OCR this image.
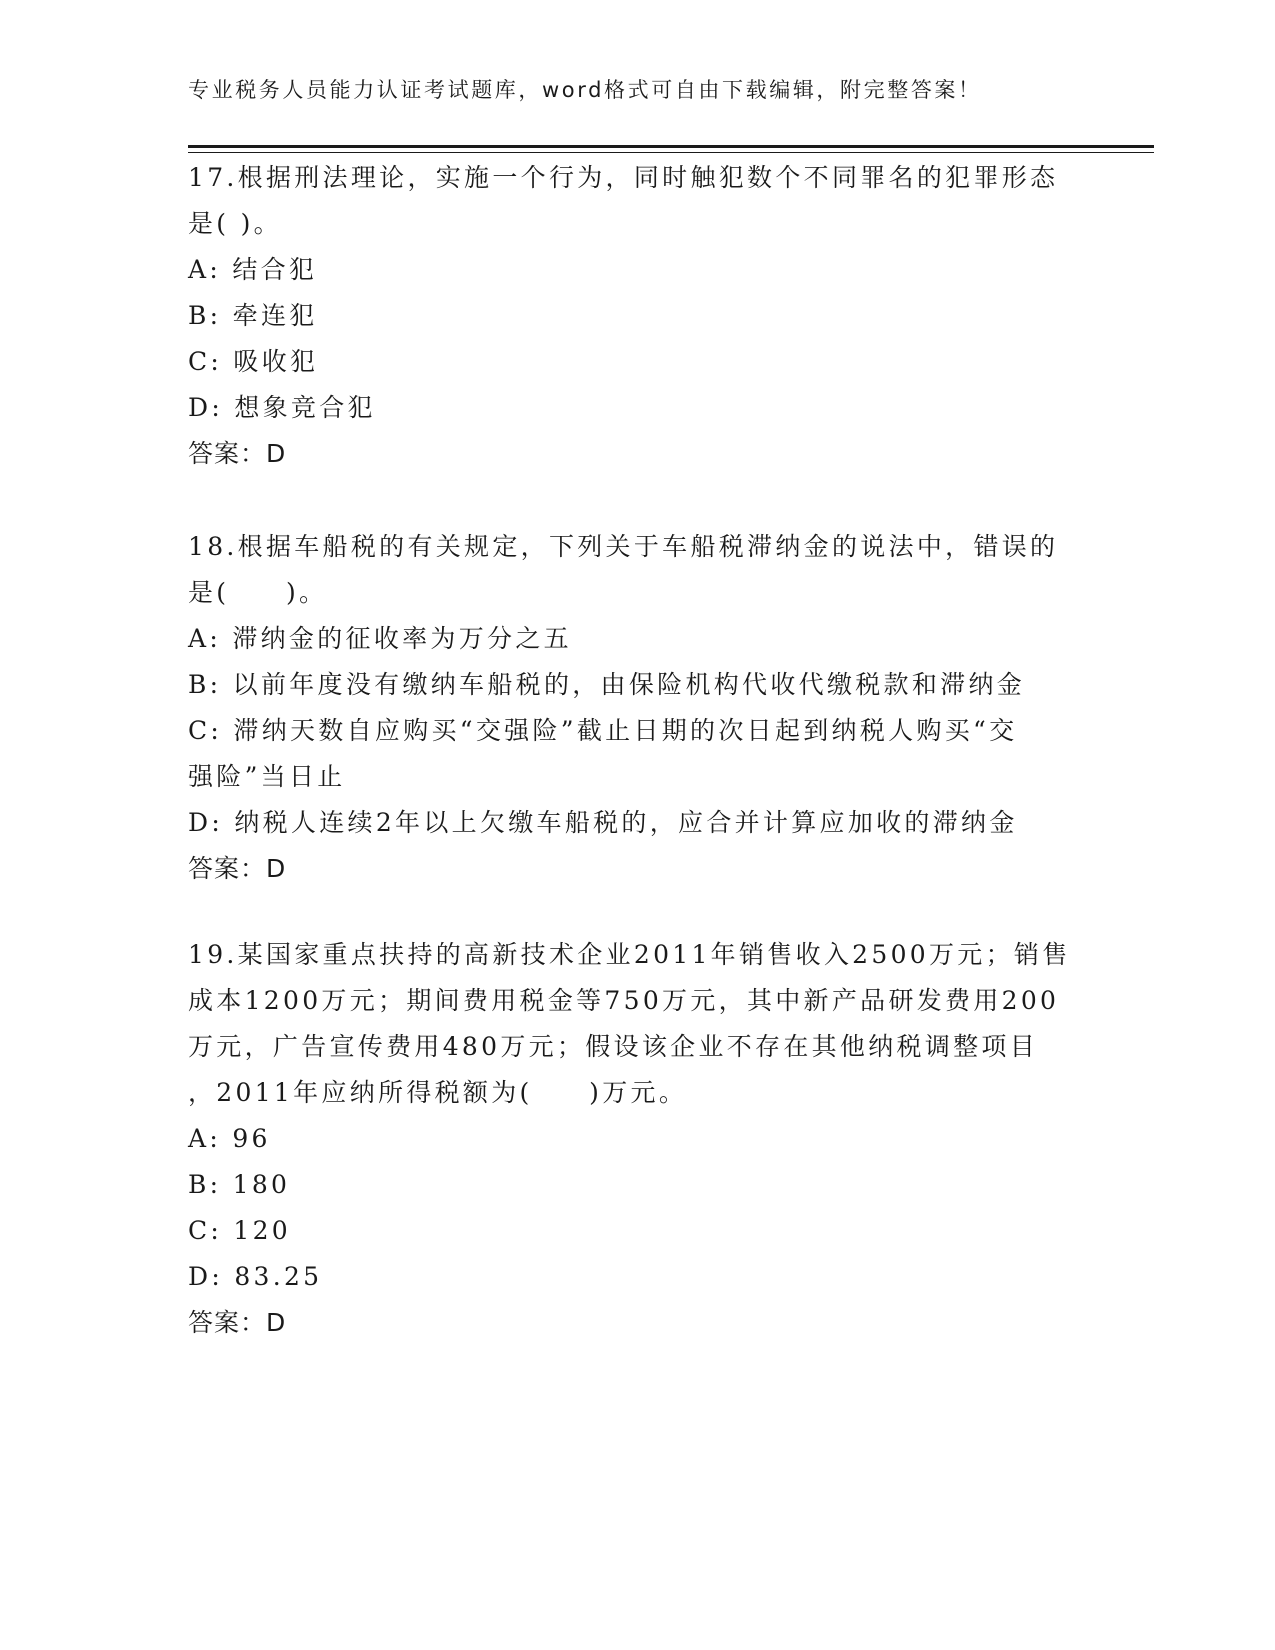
专业税务人员能力认证考试题库，word格式可自由下载编辑，附完整答案！
17.根据刑法理论，实施一个行为，同时触犯数个不同罪名的犯罪形态
是( )。
A: 结合犯
B: 牵连犯
C: 吸收犯
D: 想象竞合犯
答案：D
18.根据车船税的有关规定，下列关于车船税滞纳金的说法中，错误的
是(　　)。
A: 滞纳金的征收率为万分之五
B: 以前年度没有缴纳车船税的，由保险机构代收代缴税款和滞纳金
C: 滞纳天数自应购买“交强险”截止日期的次日起到纳税人购买“交
强险”当日止
D: 纳税人连续2年以上欠缴车船税的，应合并计算应加收的滞纳金
答案：D
19.某国家重点扶持的高新技术企业2011年销售收入2500万元；销售
成本1200万元；期间费用税金等750万元，其中新产品研发费用200
万元，广告宣传费用480万元；假设该企业不存在其他纳税调整项目
，2011年应纳所得税额为(　　)万元。
A: 96
B: 180
C: 120
D: 83.25
答案：D
